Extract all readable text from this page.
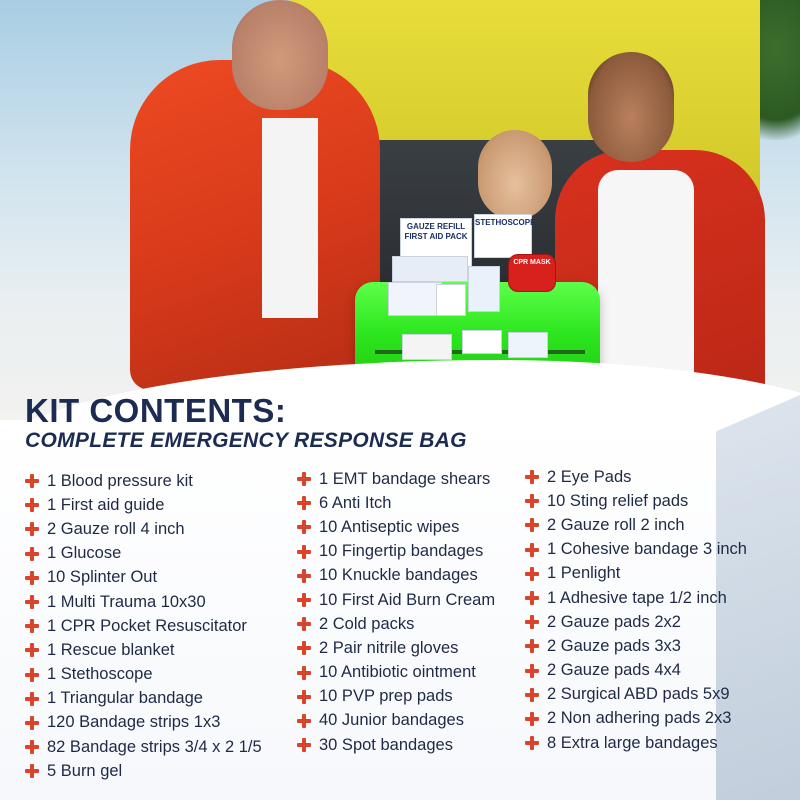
GAUZE REFILL FIRST AID PACK
STETHOSCOPE
CPR MASK
KIT CONTENTS:
COMPLETE EMERGENCY RESPONSE BAG
1 Blood pressure kit
1 First aid guide
2 Gauze roll 4 inch
1 Glucose
10 Splinter Out
1 Multi Trauma 10x30
1 CPR Pocket Resuscitator
1 Rescue blanket
1 Stethoscope
1 Triangular bandage
120 Bandage strips 1x3
82 Bandage strips 3/4 x 2 1/5
5 Burn gel
1 EMT bandage shears
6 Anti Itch
10 Antiseptic wipes
10 Fingertip bandages
10 Knuckle bandages
10 First Aid Burn Cream
2 Cold packs
2 Pair nitrile gloves
10 Antibiotic ointment
10 PVP prep pads
40 Junior bandages
30 Spot bandages
2 Eye Pads
10 Sting relief pads
2 Gauze roll 2 inch
1 Cohesive bandage 3 inch
1 Penlight
1 Adhesive tape 1/2 inch
2 Gauze pads 2x2
2 Gauze pads 3x3
2 Gauze pads 4x4
2 Surgical ABD pads 5x9
2 Non adhering pads 2x3
8 Extra large bandages
